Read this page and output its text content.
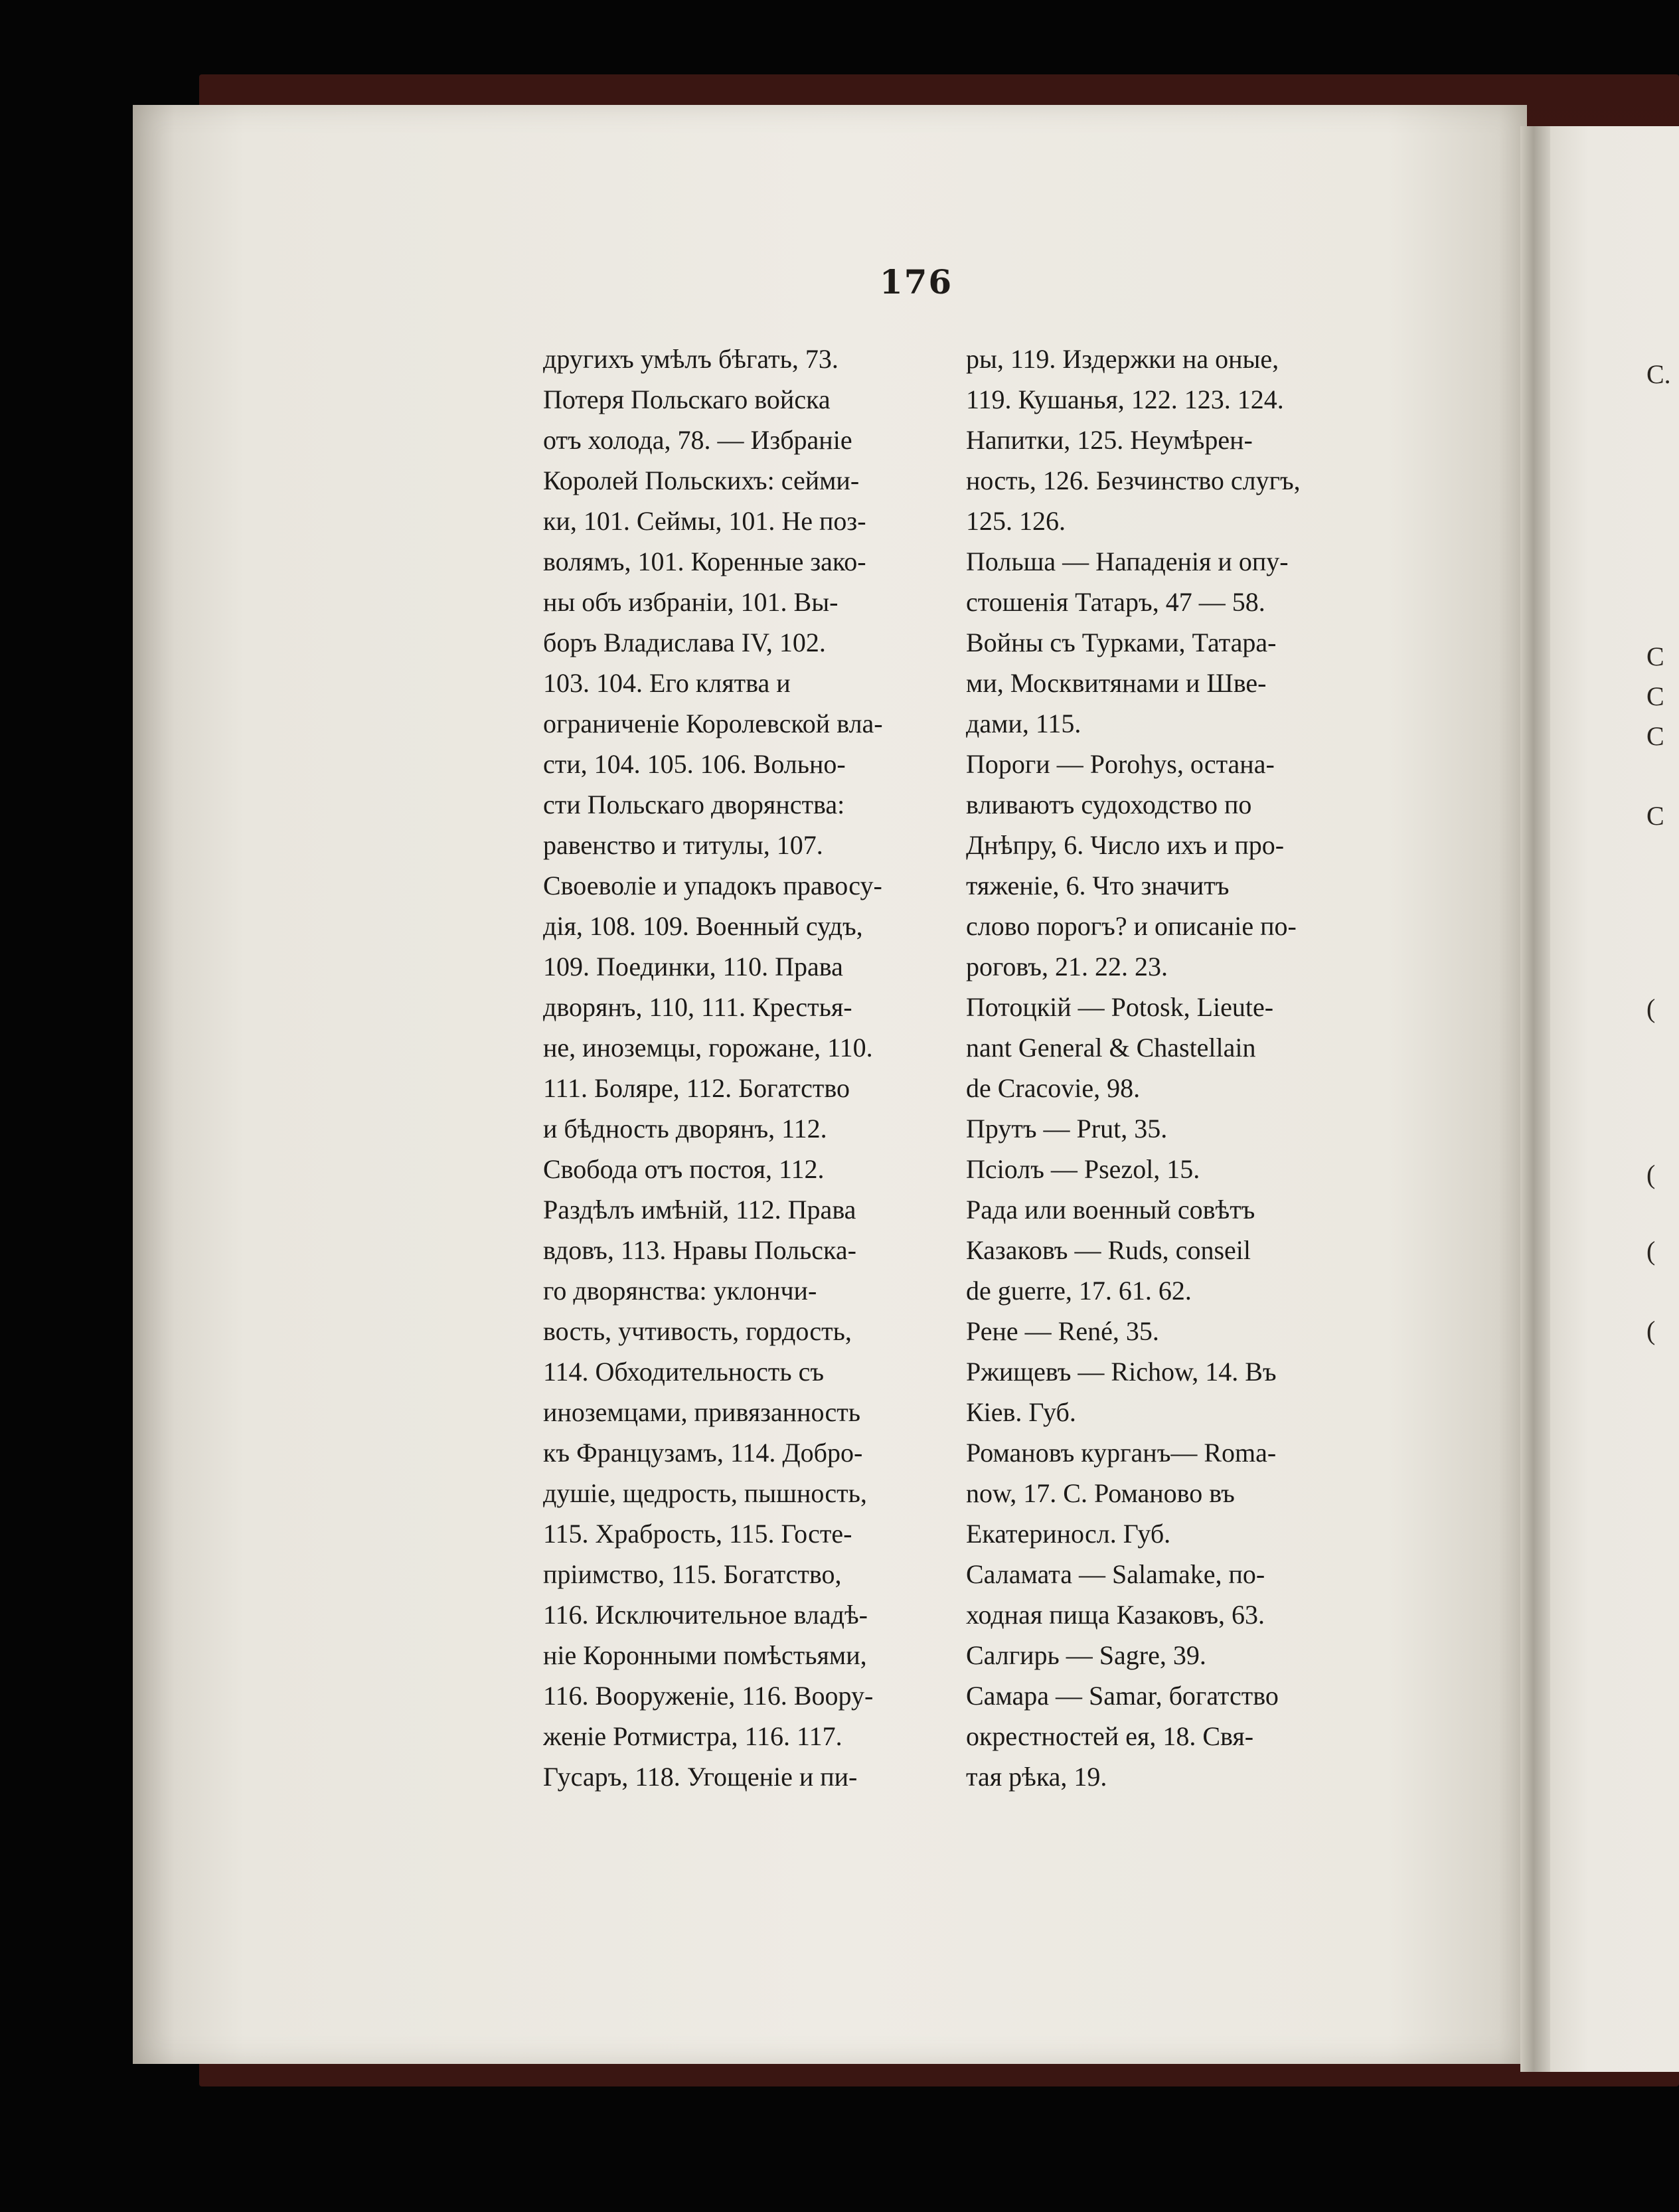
С.
С
С
С
С
(
(
(
(
176
другихъ умѣлъ бѣгать, 73.
Потеря Польскаго войска
отъ холода, 78. — Избраніе
Королей Польскихъ: сейми-
ки, 101. Сеймы, 101. Не поз-
волямъ, 101. Коренные зако-
ны объ избраніи, 101. Вы-
боръ Владислава IV, 102.
103. 104. Его клятва и
ограниченіе Королевской вла-
сти, 104. 105. 106. Вольно-
сти Польскаго дворянства:
равенство и титулы, 107.
Своеволіе и упадокъ правосу-
дія, 108. 109. Военный судъ,
109. Поединки, 110. Права
дворянъ, 110, 111. Крестья-
не, иноземцы, горожане, 110.
111. Боляре, 112. Богатство
и бѣдность дворянъ, 112.
Свобода отъ постоя, 112.
Раздѣлъ имѣній, 112. Права
вдовъ, 113. Нравы Польска-
го дворянства: уклончи-
вость, учтивость, гордость,
114. Обходительность съ
иноземцами, привязанность
къ Французамъ, 114. Добро-
душіе, щедрость, пышность,
115. Храбрость, 115. Госте-
пріимство, 115. Богатство,
116. Исключительное владѣ-
ніе Коронными помѣстьями,
116. Вооруженіе, 116. Воору-
женіе Ротмистра, 116. 117.
Гусаръ, 118. Угощеніе и пи-
ры, 119. Издержки на оные,
119. Кушанья, 122. 123. 124.
Напитки, 125. Неумѣрен-
ность, 126. Безчинство слугъ,
125. 126.
Польша — Нападенія и опу-
стошенія Татаръ, 47 — 58.
Войны съ Турками, Татара-
ми, Москвитянами и Шве-
дами, 115.
Пороги — Porohys, остана-
вливаютъ судоходство по
Днѣпру, 6. Число ихъ и про-
тяженіе, 6. Что значитъ
слово порогъ? и описаніе по-
роговъ, 21. 22. 23.
Потоцкій — Potosk, Lieute-
nant General & Chastellain
de Cracovie, 98.
Прутъ — Prut, 35.
Псiолъ — Psezol, 15.
Рада или военный совѣтъ
Казаковъ — Ruds, conseil
de guerre, 17. 61. 62.
Рене — René, 35.
Ржищевъ — Richow, 14. Въ
Кiев. Губ.
Романовъ курганъ— Roma-
now, 17. С. Романово въ
Екатериносл. Губ.
Саламата — Salamake, по-
ходная пища Казаковъ, 63.
Салгирь — Sagre, 39.
Самара — Samar, богатство
окрестностей ея, 18. Свя-
тая рѣка, 19.
